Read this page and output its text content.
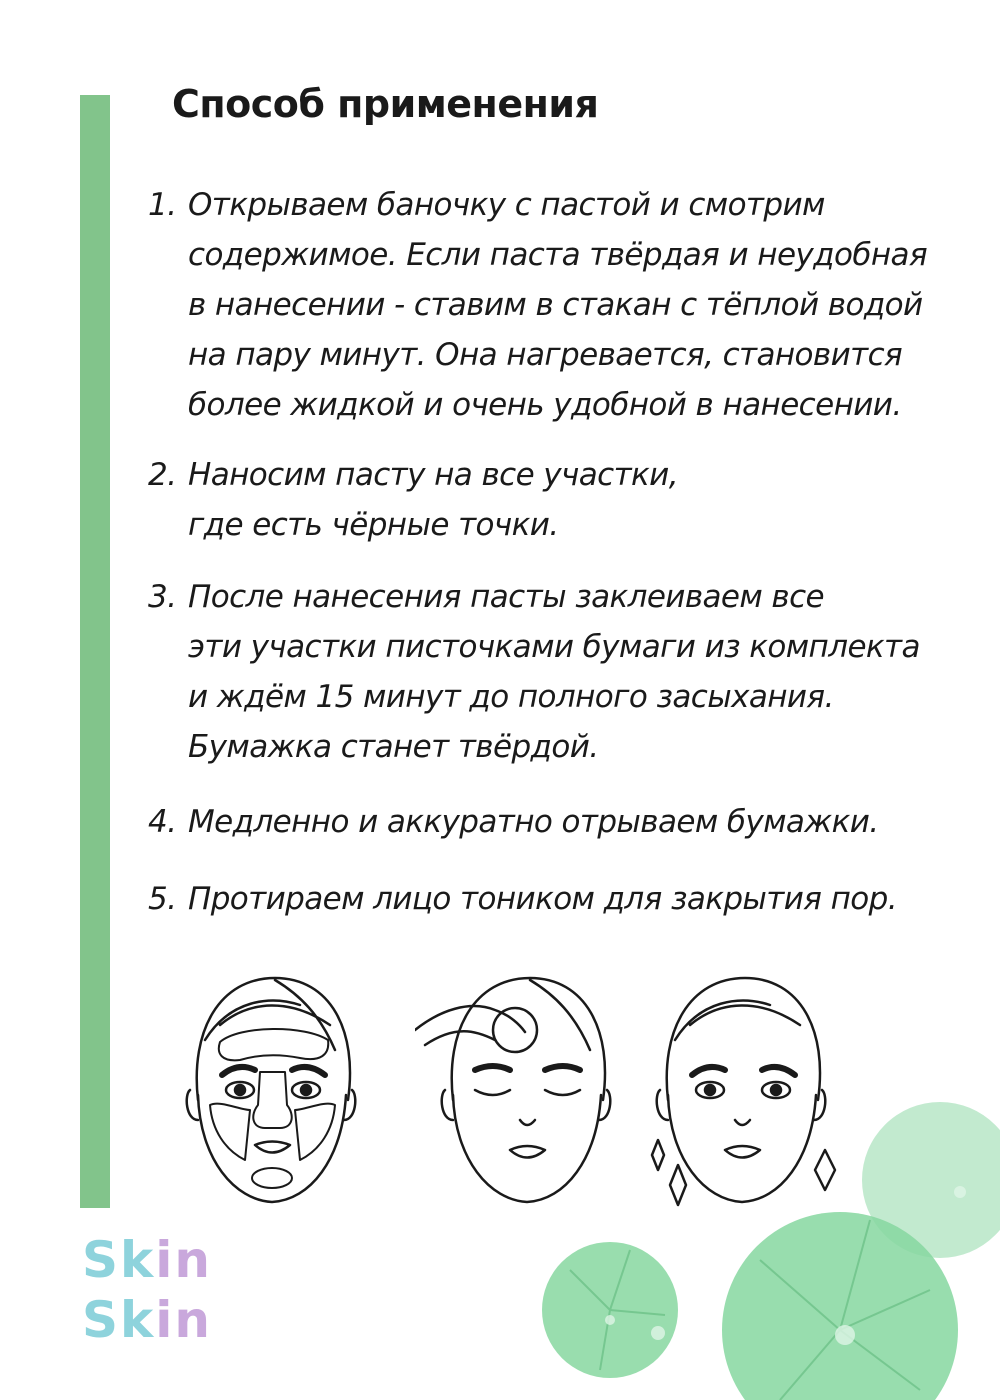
Способ применения
1. Открываем баночку с пастой и смотрим
содержимое. Если паста твёрдая и неудобная
в нанесении - ставим в стакан с тёплой водой
на пару минут. Она нагревается, становится
более жидкой и очень удобной в нанесении.
2. Наносим пасту на все участки,
где есть чёрные точки.
3. После нанесения пасты заклеиваем все
эти участки писточками бумаги из комплекта
и ждём 15 минут до полного засыхания.
Бумажка станет твёрдой.
4. Медленно и аккуратно отрываем бумажки.
5. Протираем лицо тоником для закрытия пор.
Skin
Skin
